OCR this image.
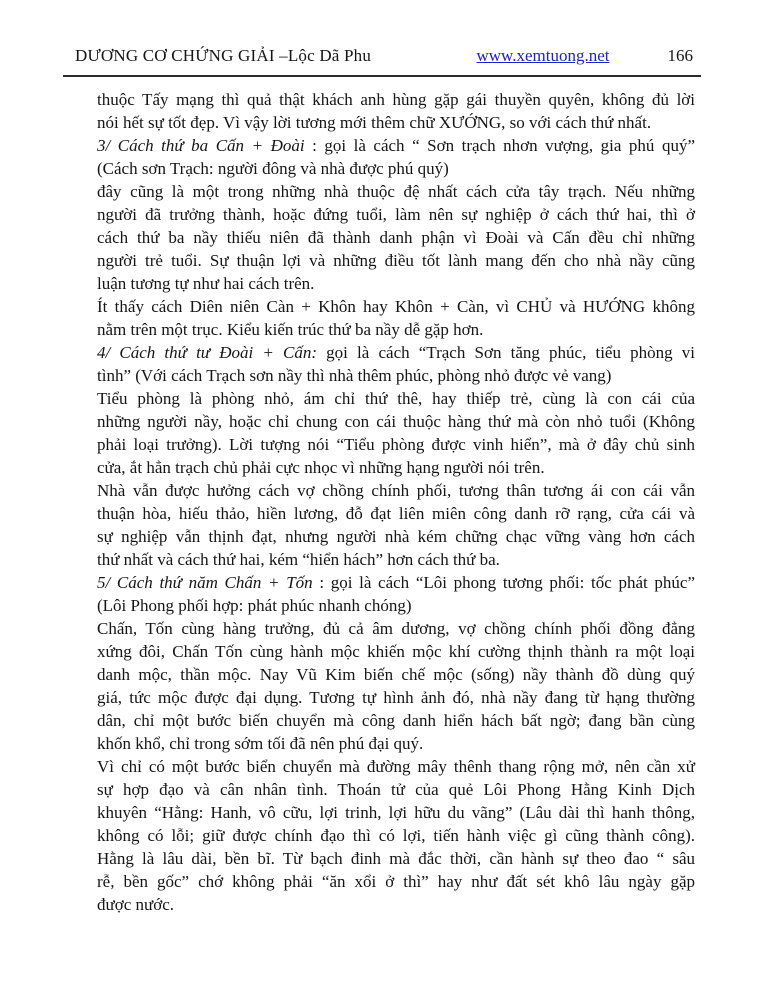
DƯƠNG CƠ CHỨNG GIẢI –Lộc Dã Phu	www.xemtuong.net	166
thuộc Tấy mạng thì quả thật khách anh hùng gặp gái thuyền quyên, không đủ lời
nói hết sự tốt đẹp. Vì vậy lời tương mới thêm chữ XƯỚNG, so với cách thứ nhất.
3/ Cách thứ ba Cấn + Đoài : gọi là cách “ Sơn trạch nhơn vượng, gia phú quý”
(Cách sơn Trạch: người đông và nhà được phú quý)
đây cũng là một trong những nhà thuộc đệ nhất cách cửa tây trạch. Nếu những
người đã trưởng thành, hoặc đứng tuổi, làm nên sự nghiệp ở cách thứ hai, thì ở
cách thứ ba nầy thiếu niên đã thành danh phận vì Đoài và Cấn đều chỉ những
người trẻ tuổi. Sự thuận lợi và những điều tốt lành mang đến cho nhà nầy cũng
luận tương tự như hai cách trên.
Ít thấy cách Diên niên Càn + Khôn hay Khôn + Càn, vì CHỦ và HƯỚNG không
nằm trên một trục. Kiểu kiến trúc thứ ba nầy dễ gặp hơn.
4/ Cách thứ tư Đoài + Cấn: gọi là cách “Trạch Sơn tăng phúc, tiểu phòng vi
tình” (Với cách Trạch sơn nầy thì nhà thêm phúc, phòng nhỏ được vẻ vang)
Tiểu phòng là phòng nhỏ, ám chỉ thứ thê, hay thiếp trẻ, cùng là con cái của
những người nầy, hoặc chỉ chung con cái thuộc hàng thứ mà còn nhỏ tuổi (Không
phải loại trưởng). Lời tượng nói “Tiểu phòng được vinh hiển”, mà ở đây chủ sinh
cửa, ắt hẳn trạch chủ phải cực nhọc vì những hạng người nói trên.
Nhà vẫn được hưởng cách vợ chồng chính phối, tương thân tương ái con cái vẫn
thuận hòa, hiếu thảo, hiền lương, đỗ đạt liên miên công danh rỡ rạng, cửa cái và
sự nghiệp vẫn thịnh đạt, nhưng người nhà kém chững chạc vững vàng hơn cách
thứ nhất và cách thứ hai, kém “hiển hách” hơn cách thứ ba.
5/ Cách thứ năm Chấn + Tốn : gọi là cách “Lôi phong tương phối: tốc phát phúc”
(Lôi Phong phối hợp: phát phúc nhanh chóng)
Chấn, Tốn cùng hàng trưởng, đủ cả âm dương, vợ chồng chính phối đồng đẳng
xứng đôi, Chấn Tốn cùng hành mộc khiến mộc khí cường thịnh thành ra một loại
danh mộc, thần mộc. Nay Vũ Kim biến chế mộc (sống) nầy thành đồ dùng quý
giá, tức mộc được đại dụng. Tương tự hình ảnh đó, nhà nầy đang từ hạng thường
dân, chỉ một bước biến chuyển mà công danh hiển hách bất ngờ; đang bần cùng
khốn khổ, chỉ trong sớm tối đã nên phú đại quý.
Vì chỉ có một bước biển chuyển mà đường mây thênh thang rộng mở, nên cần xử
sự hợp đạo và cân nhân tình. Thoán tử của quẻ Lôi Phong Hằng Kinh Dịch
khuyên “Hằng: Hanh, vô cữu, lợi trinh, lợi hữu du vãng” (Lâu dài thì hanh thông,
không có lỗi; giữ được chính đạo thì có lợi, tiến hành việc gì cũng thành công).
Hằng là lâu dài, bền bĩ. Từ bạch đinh mà đắc thời, cần hành sự theo đao “ sâu
rễ, bền gốc” chớ không phải “ăn xổi ở thì” hay như đất sét khô lâu ngày gặp
được nước.
